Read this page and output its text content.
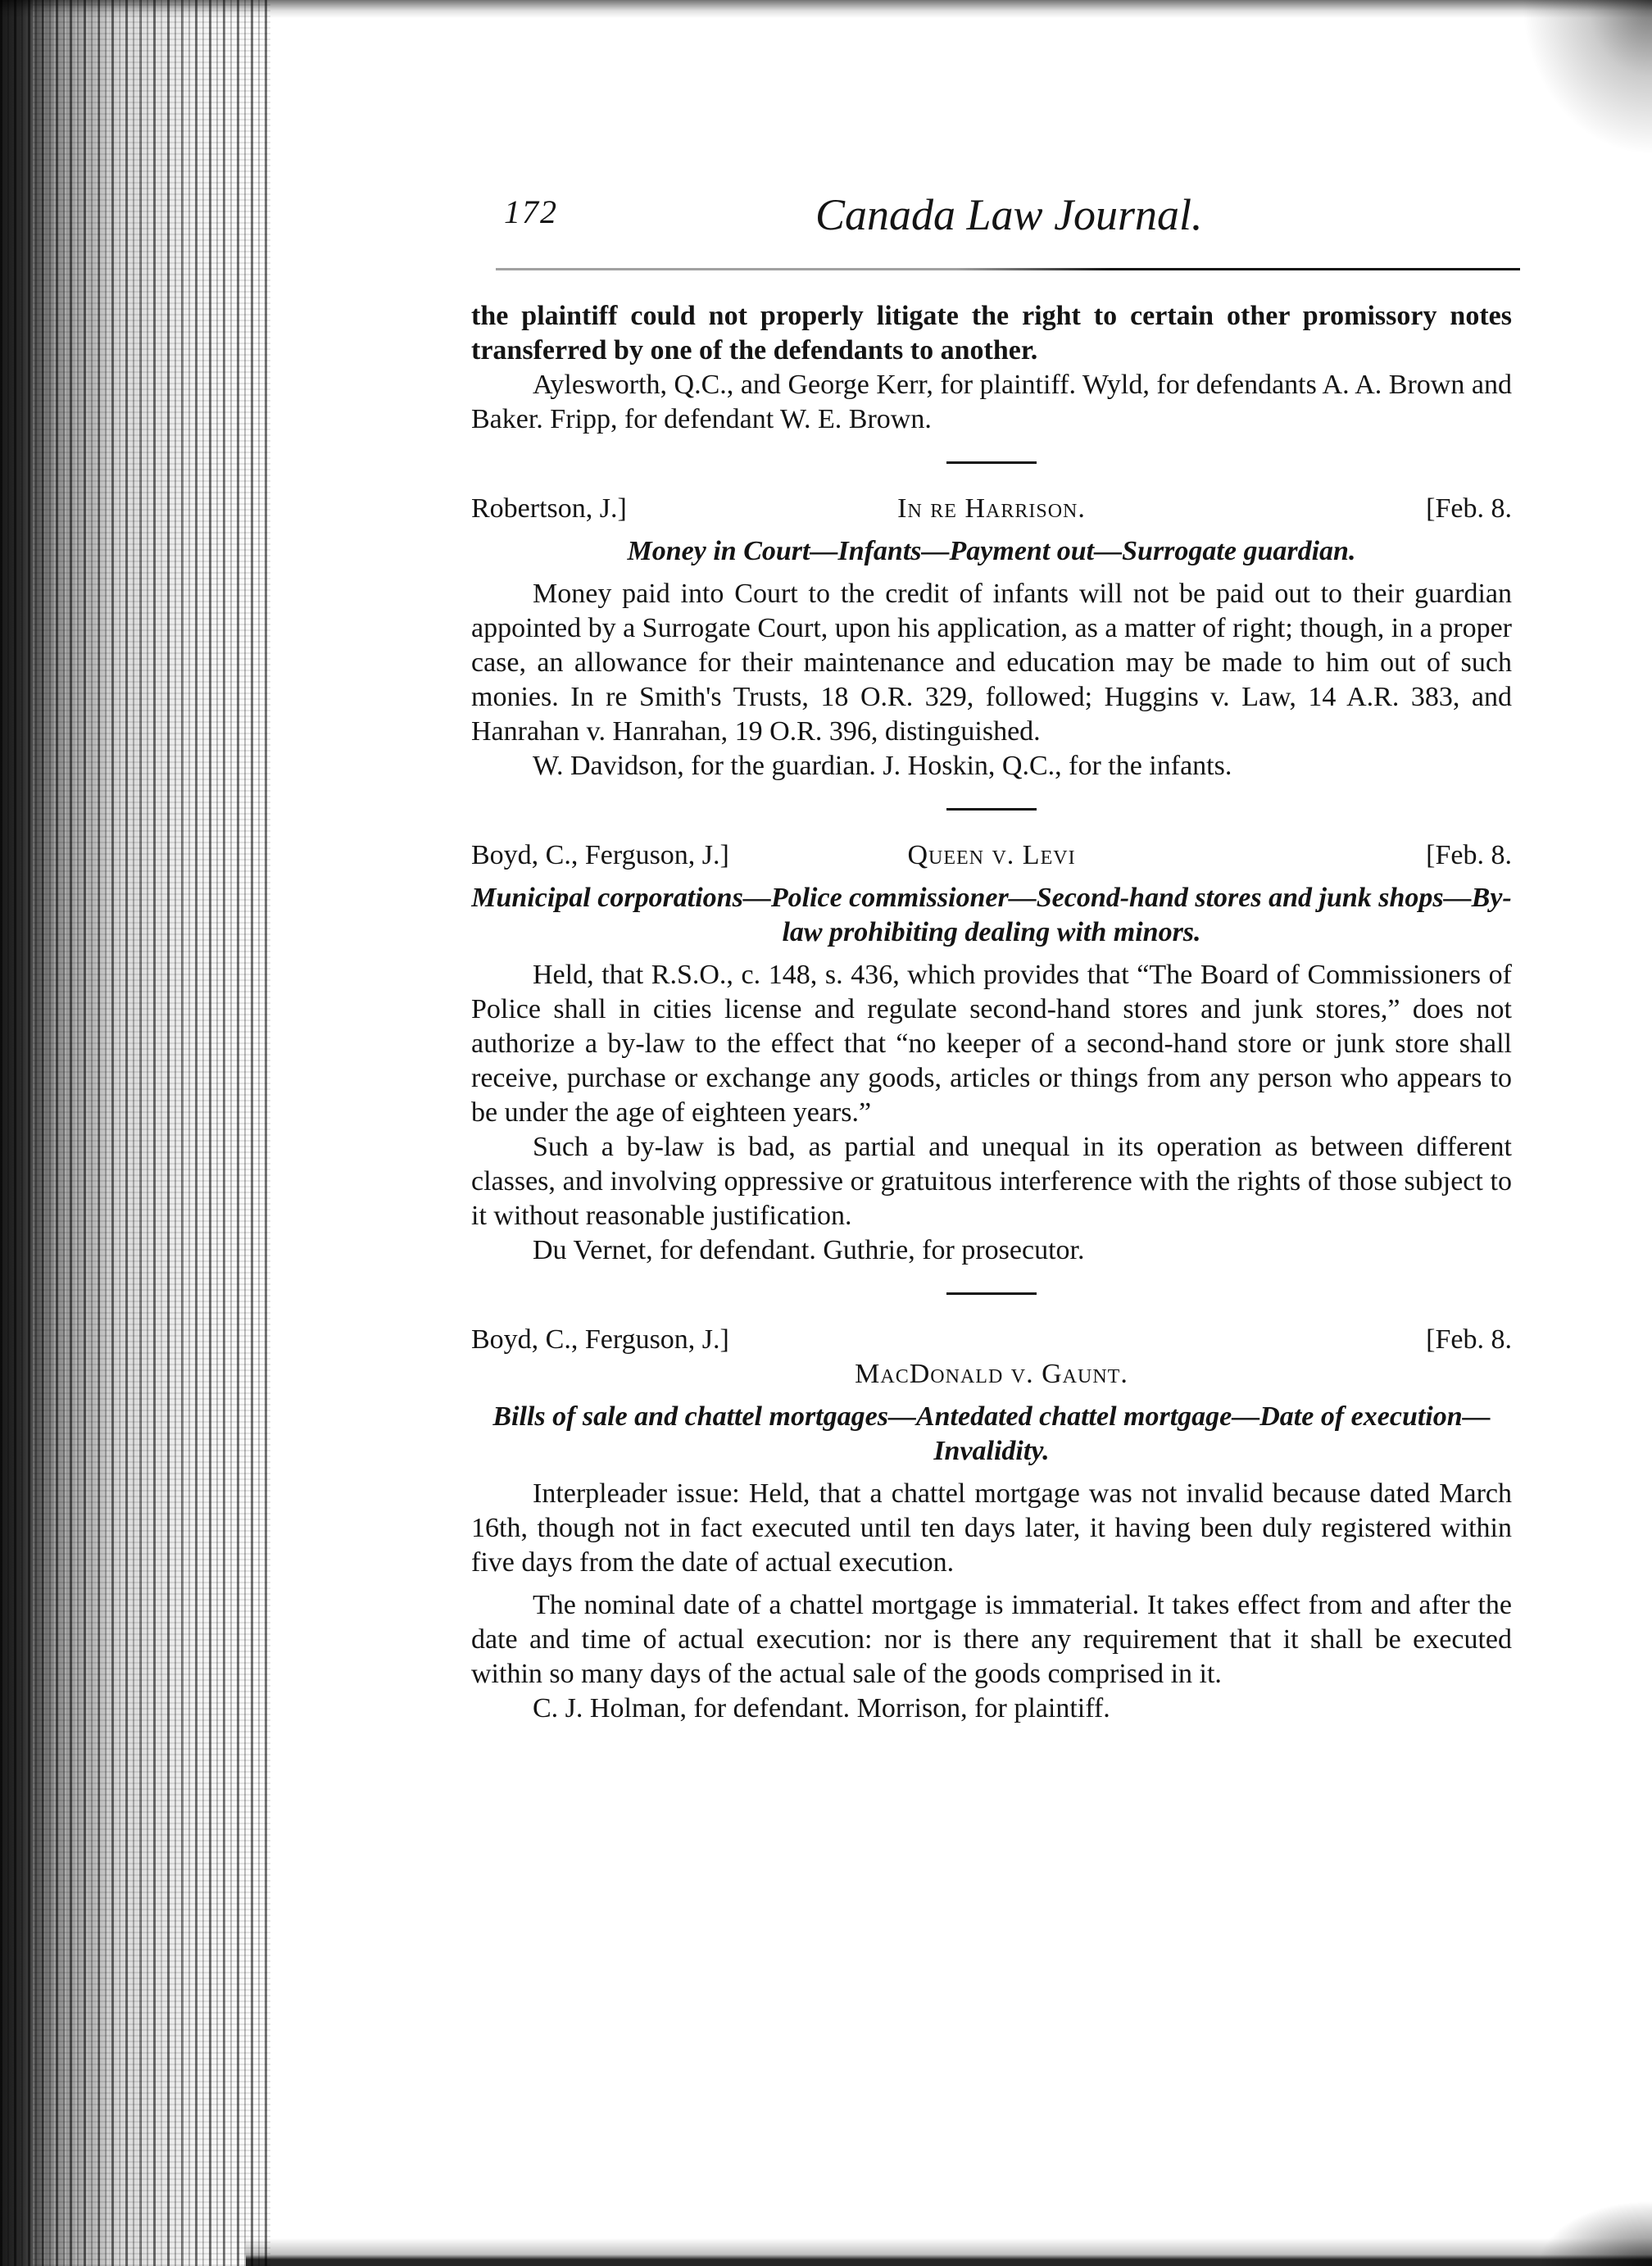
172	Canada Law Journal.

the plaintiff could not properly litigate the right to certain other promissory notes transferred by one of the defendants to another.

Aylesworth, Q.C., and George Kerr, for plaintiff. Wyld, for defendants A. A. Brown and Baker. Fripp, for defendant W. E. Brown.

Robertson, J.]	In re Harrison.	[Feb. 8.

Money in Court—Infants—Payment out—Surrogate guardian.

Money paid into Court to the credit of infants will not be paid out to their guardian appointed by a Surrogate Court, upon his application, as a matter of right; though, in a proper case, an allowance for their maintenance and education may be made to him out of such monies. In re Smith's Trusts, 18 O.R. 329, followed; Huggins v. Law, 14 A.R. 383, and Hanrahan v. Hanrahan, 19 O.R. 396, distinguished.

W. Davidson, for the guardian. J. Hoskin, Q.C., for the infants.

Boyd, C., Ferguson, J.]	Queen v. Levi	[Feb. 8.

Municipal corporations—Police commissioner—Second-hand stores and junk shops—By-law prohibiting dealing with minors.

Held, that R.S.O., c. 148, s. 436, which provides that “The Board of Commissioners of Police shall in cities license and regulate second-hand stores and junk stores,” does not authorize a by-law to the effect that “no keeper of a second-hand store or junk store shall receive, purchase or exchange any goods, articles or things from any person who appears to be under the age of eighteen years.”

Such a by-law is bad, as partial and unequal in its operation as between different classes, and involving oppressive or gratuitous interference with the rights of those subject to it without reasonable justification.

Du Vernet, for defendant. Guthrie, for prosecutor.

Boyd, C., Ferguson, J.]
MacDonald v. Gaunt.
[Feb. 8.

Bills of sale and chattel mortgages—Antedated chattel mortgage—Date of execution—Invalidity.

Interpleader issue: Held, that a chattel mortgage was not invalid because dated March 16th, though not in fact executed until ten days later, it having been duly registered within five days from the date of actual execution.

The nominal date of a chattel mortgage is immaterial. It takes effect from and after the date and time of actual execution: nor is there any requirement that it shall be executed within so many days of the actual sale of the goods comprised in it.

C. J. Holman, for defendant. Morrison, for plaintiff.
